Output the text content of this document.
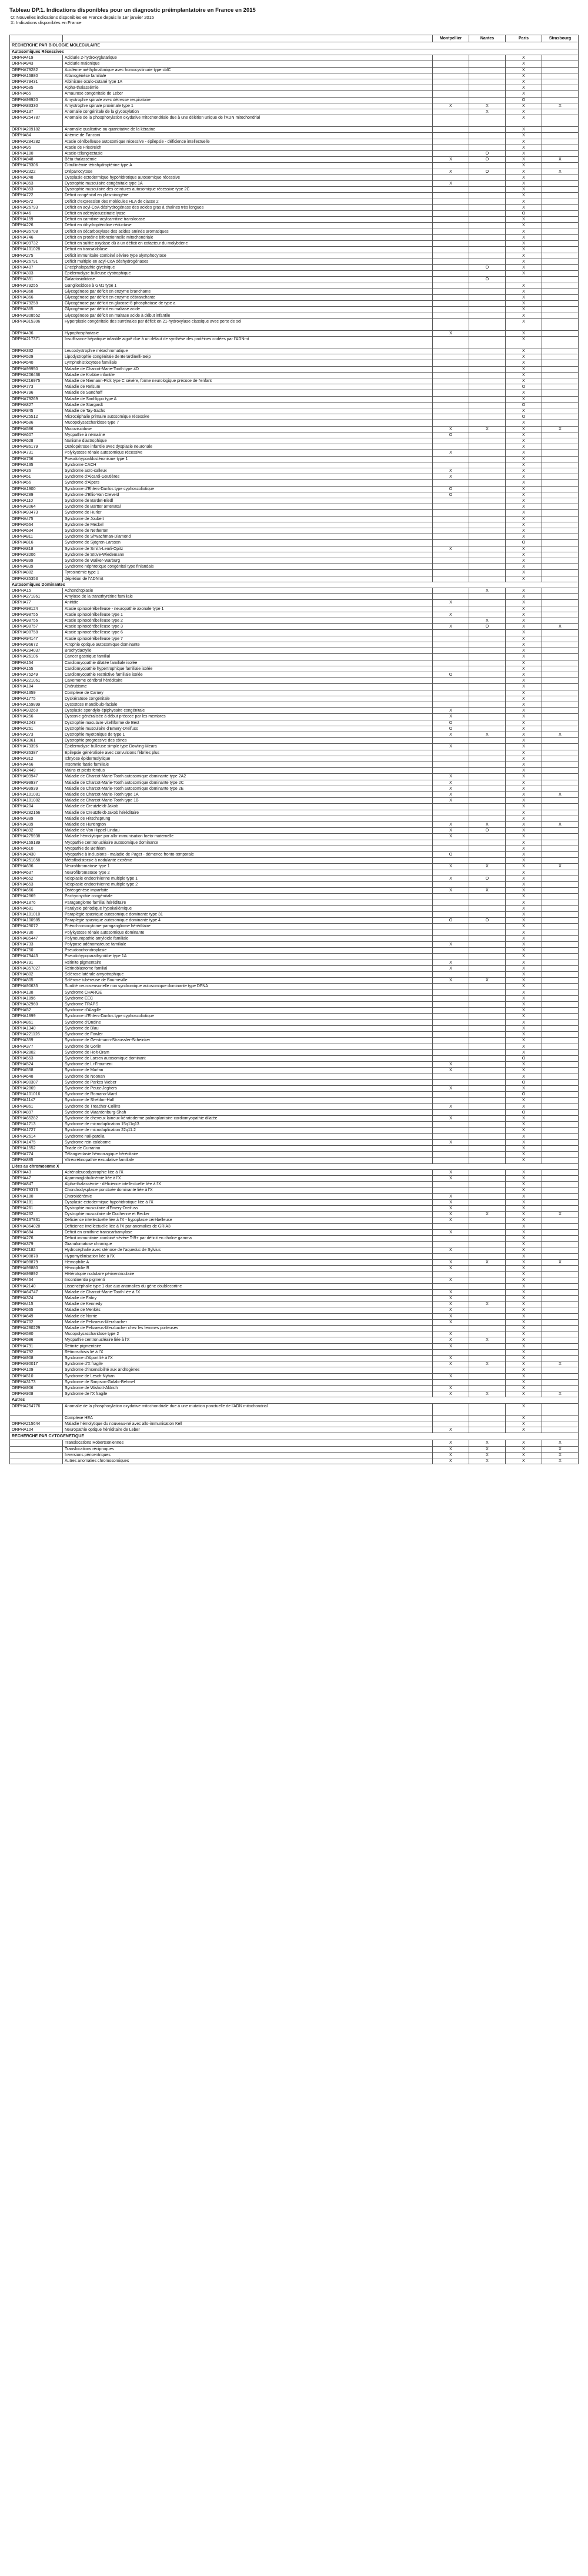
Tableau DP.1. Indications disponibles pour un diagnostic préimplantatoire en France en 2015
O: Nouvelles indications disponibles en France depuis le 1er janvier 2015
X: Indications disponibles en France
		Montpellier	Nantes	Paris	Strasbourg
RECHERCHE PAR BIOLOGIE MOLECULAIRE					
Autosomiques Récessives					
ORPHA419	Acidurie 2-hydroxyglutarique			X	
ORPHA943	Acidurie malonique			X	
ORPHA79282	Acidémie méthylmalonique avec homocystinurie type cblC			X	
ORPHA16880	Alfanogénèse familiale			X	
ORPHA79431	Albinisme oculo-cutané type 1A			X	
ORPHA585	Alpha-thalassémie			X	
ORPHA65	Amaurose congénitale de Leber			X	
ORPHA98920	Amyotrophie spinale avec détresse respiratoire			O	
ORPHA83330	Amyotrophie spinale proximale type 1	X	X	X	X
ORPHA137	Anomalie congénitale de la glycosylation		X	X	
ORPHA254787	Anomalie de la phosphorylation oxydative mitochondriale due à une délétion unique de l'ADN mitochondrial			X	
ORPHA209182	Anomalie qualitative ou quantitative de la kératine			X	
ORPHA84	Anémie de Fanconi			X	
ORPHA284282	Ataxie cérébelleuse autosomique récessive - épilepsie - déficience intellectuelle			X	
ORPHA95	Ataxie de Friedreich			X	
ORPHA100	Ataxie-télangiectasie		O	X	
ORPHA848	Bêta-thalassémie	X	O	X	X
ORPHA79306	Citrullinémie tétrahydroptérine type A			X	
ORPHA2322	Drépanocytose	X	O	X	X
ORPHA248	Dysplasie ectodermique hypohidrotique autosomique récessive			X	
ORPHA353	Dystrophie musculaire congénitale type 1A	X		X	
ORPHA353	Dystrophie musculaire des ceintures autosomique récessive type 2C			X	
ORPHA722	Déficit congénital en plasminogène			X	
ORPHA572	Déficit d'expression des molécules HLA de classe 2			X	
ORPHA26793	Déficit en acyl-CoA déshydrogénase des acides gras à chaînes très longues			X	
ORPHA46	Déficit en adénylosuccinate lyase			O	
ORPHA159	Déficit en carnitine-acylcarnitine translocase			X	
ORPHA226	Déficit en dihydroptéridine réductase			X	
ORPHA35708	Déficit en décarboxylase des acides aminés aromatiques			X	
ORPHA746	Déficit en protéine bifonctionnelle mitochondriale			X	
ORPHA99732	Déficit en sulfite oxydase dû à un déficit en cofacteur du molybdène			X	
ORPHA101028	Déficit en transaldolase			X	
ORPHA275	Déficit immunitaire combiné sévère type alymphocytose			X	
ORPHA26791	Déficit multiple en acyl-CoA déshydrogénases			X	
ORPHA407	Encéphalopathie glycinique		O	X	
ORPHA303	Épidermolyse bulleuse dystrophique			X	
ORPHA351	Galactosialidose		O		
ORPHA79255	Gangliosidose à GM1 type 1			X	
ORPHA368	Glycogénose par déficit en enzyme branchante			X	
ORPHA366	Glycogénose par déficit en enzyme débranchante			X	
ORPHA79258	Glycogénose par déficit en glucose-6-phosphatase de type a			X	
ORPHA365	Glycogénose par déficit en maltase acide			X	
ORPHA308552	Glycogénose par déficit en maltase acide à début infantile			X	
ORPHA315306	Hyperplasie congénitale des surrénales par déficit en 21-hydroxylase classique avec perte de sel			X	
ORPHA436	Hypophosphatasie	X		X	
ORPHA217371	Insuffisance hépatique infantile aiguë due à un défaut de synthèse des protéines codées par l'ADNmt			X	
ORPHA332	Leucodystrophie métachromatique			X	
ORPHA529	Lipodystrophie congénitale de Berardinelli-Seip			X	
ORPHA540	Lymphohistiocytose familiale			X	
ORPHA99950	Maladie de Charcot-Marie-Tooth type 4D			X	
ORPHA206436	Maladie de Krabbe infantile			X	
ORPHA216975	Maladie de Niemann-Pick type C sévère, forme neurologique précoce de l'enfant			X	
ORPHA773	Maladie de Refsum			O	
ORPHA796	Maladie de Sandhoff			X	
ORPHA79269	Maladie de Sanfilippo type A			X	
ORPHA827	Maladie de Stargardt			O	
ORPHA845	Maladie de Tay-Sachs			X	
ORPHA25512	Microcéphalie primaire autosomique récessive			O	
ORPHA586	Mucopolysaccharidose type 7			X	
ORPHA586	Mucoviscidose	X	X	X	X
ORPHA607	Myopathie à némaline	O		X	
ORPHA628	Nanisme diastrophique			X	
ORPHA86179	Ostéopétrose infantile avec dysplasie neuronale			X	
ORPHA731	Polykystose rénale autosomique récessive	X		X	
ORPHA756	Pseudohypoaldostéronisme type 1			X	
ORPHA135	Syndrome CACH			X	
ORPHA36	Syndrome acro-calleux	X		X	
ORPHA51	Syndrome d'Aicardi-Goutières	X		X	
ORPHA56	Syndrome d'Alpers			X	
ORPHA1900	Syndrome d'Ehlers-Danlos type cyphoscoliotique	O		X	
ORPHA289	Syndrome d'Ellis-Van Creveld	O		X	
ORPHA110	Syndrome de Bardet-Biedl			X	
ORPHA3064	Syndrome de Bartter antenatal			X	
ORPHA93473	Syndrome de Hurler			X	
ORPHA475	Syndrome de Joubert			X	
ORPHA564	Syndrome de Meckel			X	
ORPHA634	Syndrome de Netherton			X	
ORPHA811	Syndrome de Shwachman-Diamond			X	
ORPHA816	Syndrome de Sjögren-Larsson			O	
ORPHA818	Syndrome de Smith-Lemli-Opitz	X		X	
ORPHA3206	Syndrome de Stüve-Wiedemann			X	
ORPHA899	Syndrome de Walker-Warburg			X	
ORPHA839	Syndrome néphrotique congénital type finlandais			X	
ORPHA882	Tyrosinémie type 1			X	
ORPHA35353	déplétion de l'ADNmt			X	
Autosomiques Dominantes					
ORPHA15	Achondroplasie		X	X	
ORPHA271861	Amylose de la transthyrétine familiale			X	
ORPHA77	Aniridie	X		X	
ORPHA98124	Ataxie spinocérébelleuse - neuropathie axonale type 1			X	
ORPHA98755	Ataxie spinocérébelleuse type 1	X		X	
ORPHA98756	Ataxie spinocérébelleuse type 2		X	X	
ORPHA98757	Ataxie spinocérébelleuse type 3	X	O	X	X
ORPHA98758	Ataxie spinocérébelleuse type 6			X	
ORPHA94147	Ataxie spinocérébelleuse type 7			X	
ORPHA96672	Atrophie optique autosomique dominante			X	
ORPHA294037	Brachydactylie			X	
ORPHA26106	Cancer gastrique familial			X	
ORPHA154	Cardiomyopathie dilatée familiale isolée			X	
ORPHA155	Cardiomyopathie hypertrophique familiale isolée			X	
ORPHA75249	Cardiomyopathie restrictive familiale isolée	O		X	
ORPHA221061	Cavernome cérébral héréditaire			X	
ORPHA184	Chérubisme			X	
ORPHA1359	Complexe de Carney			X	
ORPHA1775	Dyskératose congénitale			X	
ORPHA159899	Dysostose mandibulo-faciale			X	
ORPHA93268	Dysplasie spondylo-épiphysaire congénitale	X		X	
ORPHA256	Dystonie généralisée à début précoce par les membres	X		X	
ORPHA1243	Dystrophie maculaire vitelliforme de Best	O		X	
ORPHA261	Dystrophie musculaire d'Emery-Dreifuss	O		X	
ORPHA273	Dystrophie myotonique de type 1	X	X	X	X
ORPHA2361	Dystrophie progressive des cônes			X	
ORPHA79396	Épidermolyse bulleuse simple type Dowling-Meara	X		X	
ORPHA36387	Épilepsie généralisée avec convulsions fébriles plus			X	
ORPHA312	Ichtyose épidermolytique			X	
ORPHA466	Insomnie fatale familiale			X	
ORPHA2449	Mains et pieds fendus			X	
ORPHA99947	Maladie de Charcot-Marie-Tooth autosomique dominante type 2A2	X		X	
ORPHA99937	Maladie de Charcot-Marie-Tooth autosomique dominante type 2C	X		X	
ORPHA99939	Maladie de Charcot-Marie-Tooth autosomique dominante type 2E	X		X	
ORPHA101081	Maladie de Charcot-Marie-Tooth type 1A	X		X	X
ORPHA101082	Maladie de Charcot-Marie-Tooth type 1B	X		X	
ORPHA204	Maladie de Creutzfeldt-Jakob			X	
ORPHA282166	Maladie de Creutzfeldt-Jakob héréditaire			X	
ORPHA389	Maladie de Hirschsprung			X	
ORPHA399	Maladie de Huntington	X	X	X	X
ORPHA892	Maladie de Von Hippel-Lindau	X	O	X	
ORPHA275938	Maladie hémolytique par allo-immunisation foeto-maternelle	X		X	
ORPHA169189	Myopathie centronucléaire autosomique dominante			X	
ORPHA610	Myopathie de Bethlem			X	
ORPHA2430	Myopathie à inclusions - maladie de Paget - démence fronto-temporale	O		X	
ORPHA251858	Métaflodistorsie à nodularité extrême			X	
ORPHA636	Neurofibromatose type 1	X	X	X	X
ORPHA637	Neurofibromatose type 2			X	
ORPHA652	Néoplasie endocrinienne multiple type 1	X	O	X	
ORPHA653	Néoplasie endocrinienne multiple type 2			X	
ORPHA666	Ostéogénèse imparfaite	X	X	X	
ORPHA2869	Pachyonychie congénitale			X	
ORPHA1876	Paraganglome familial héréditaire			X	
ORPHA681	Paralysie périodique hypokaliémique			X	
ORPHA101010	Paraplégie spastique autosomique dominante type 31			X	
ORPHA100985	Paraplégie spastique autosomique dominante type 4	O	O	X	
ORPHA29072	Phéochromocytome-paragangliome héréditaire			X	
ORPHA730	Polykystose rénale autosomique dominante			X	
ORPHA85447	Polyneuropathie amyloïde familiale			X	
ORPHA733	Polypose adénomateuse familiale	X		X	
ORPHA750	Pseudoachondroplasie			X	
ORPHA79443	Pseudohypoparathyroïdie type 1A			X	
ORPHA791	Rétinite pigmentaire	X		X	
ORPHA357027	Rétinoblastome familial	X		X	
ORPHA802	Sclérose latérale amyotrophique			X	
ORPHA805	Sclérose tubéreuse de Bourneville	X	X	X	
ORPHA90635	Surdité neurosensorielle non syndromique autosomique dominante type DFNA			X	
ORPHA138	Syndrome CHARGE			X	
ORPHA1896	Syndrome EEC			X	
ORPHA32960	Syndrome TRAPS			X	
ORPHA52	Syndrome d'Alagille			X	
ORPHA1899	Syndrome d'Ehlers-Danlos type cyphoscoliotique			X	
ORPHA861	Syndrome d'Ondine			X	
ORPHA1340	Syndrome de Blau			X	
ORPHA221126	Syndrome de Fowler			X	
ORPHA359	Syndrome de Gerstmann-Straussler-Scheinker			X	
ORPHA377	Syndrome de Gorlin			X	
ORPHA2802	Syndrome de Holt-Oram			X	
ORPHA553	Syndrome de Larsen autosomique dominant			O	
ORPHA524	Syndrome de Li-Fraumeni	X		X	
ORPHA558	Syndrome de Marfan	X		X	
ORPHA648	Syndrome de Noonan			X	
ORPHA90307	Syndrome de Parkes Weber			O	
ORPHA2869	Syndrome de Peutz-Jeghers	X		X	
ORPHA101016	Syndrome de Romano-Ward			O	
ORPHA1147	Syndrome de Sheldon-Hall			X	
ORPHA861	Syndrome de Treacher-Collins	X		X	
ORPHA897	Syndrome de Waardenburg-Shah			O	
ORPHA65282	Syndrome de cheveux laineux-kératoderme palmoplantaire-cardiomyopathie dilatée	X		X	
ORPHA1713	Syndrome de microduplication 15q11q13			X	
ORPHA1727	Syndrome de microduplication 22q11.2			X	
ORPHA2614	Syndrome nail-patella			X	
ORPHA1475	Syndrome rein-colobome	X		X	
ORPHA1552	Triade de Currarino			X	
ORPHA774	Télangiectasie hémorragique héréditaire			X	
ORPHA885	Vitréorétinopathie exsudative familiale			X	
Liées au chromosome X					
ORPHA43	Adrénoleucodystrophie liée à l'X	X		X	
ORPHA47	Agammaglobulinémie liée à l'X	X		X	
ORPHA847	Alpha-thalassémie - déficience intellectuelle liée à l'X			X	
ORPHA79373	Chondrodysplasie ponctuée dominante liée à l'X			X	
ORPHA180	Choroïdérémie	X		X	
ORPHA181	Dysplasie ectodermique hypohidrotique liée à l'X	X		X	
ORPHA261	Dystrophie musculaire d'Emery-Dreifuss	X		X	
ORPHA262	Dystrophie musculaire de Duchenne et Becker	X	X	X	X
ORPHA137831	Déficience intellectuelle liée à l'X - hypoplasie cérébelleuse	X		X	
ORPHA364028	Déficience intellectuelle liée à l'X par anomalies de GRIA3			X	
ORPHA684	Déficit en ornithine transcarbamylase	X		X	
ORPHA276	Déficit immunitaire combiné sévère T-B+ par déficit en chaîne gamma			X	
ORPHA379	Granulomatose chronique			X	
ORPHA2182	Hydrocéphalie avec sténose de l'aqueduc de Sylvius	X		X	
ORPHA98878	Hypomyélinisation liée à l'X			X	
ORPHA98879	Hémophilie A	X	X	X	X
ORPHA98880	Hémophilie B	X		X	
ORPHA99892	Hétérotopie nodulaire périventriculaire			X	
ORPHA464	Incontinentia pigmenti	X		X	
ORPHA2140	Lissencéphalie type 1 due aux anomalies du gène doublecortine			X	
ORPHA64747	Maladie de Charcot-Marie-Tooth liée à l'X	X		X	
ORPHA324	Maladie de Fabry	X		X	
ORPHA415	Maladie de Kennedy	X	X	X	
ORPHA565	Maladie de Menkès	X		X	
ORPHA649	Maladie de Norrie	X		X	
ORPHA702	Maladie de Pelizaeus-Merzbacher	X		X	
ORPHA280229	Maladie de Pelizaeus-Merzbacher chez les femmes porteuses			X	
ORPHA580	Mucopolysaccharidose type 2	X		X	
ORPHA596	Myopathie centronucléaire liée à l'X	X	X	X	
ORPHA791	Rétinite pigmentaire	X		X	
ORPHA792	Rétinoschisis lié à l'X			X	
ORPHA908	Syndrome d'Alport lié à l'X	X		X	
ORPHA90017	Syndrome d'X fragile	X	X	X	X
ORPHA109	Syndrome d'insensibilité aux androgènes			X	
ORPHA510	Syndrome de Lesch-Nyhan	X		X	
ORPHA3173	Syndrome de Simpson-Golabi-Behmel			X	
ORPHA906	Syndrome de Wiskott-Aldrich	X		X	
ORPHA908	Syndrome de l'X fragile	X	X	X	X
Autres					
ORPHA254776	Anomalie de la phosphorylation oxydative mitochondriale due à une mutation ponctuelle de l'ADN mitochondrial			X	
	Complexe HEA			X	
ORPHA215644	Maladie hémolytique du nouveau-né avec allo-immunisation Kell			X	
ORPHA104	Neuropathie optique héréditaire de Leber	X		X	
RECHERCHE PAR CYTOGENETIQUE					
	Translocations Robertsoniennes	X	X	X	X
	Translocations réciproques	X	X	X	X
	Inversions péricentriques	X	X	X	X
	Autres anomalies chromosomiques	X	X	X	X
